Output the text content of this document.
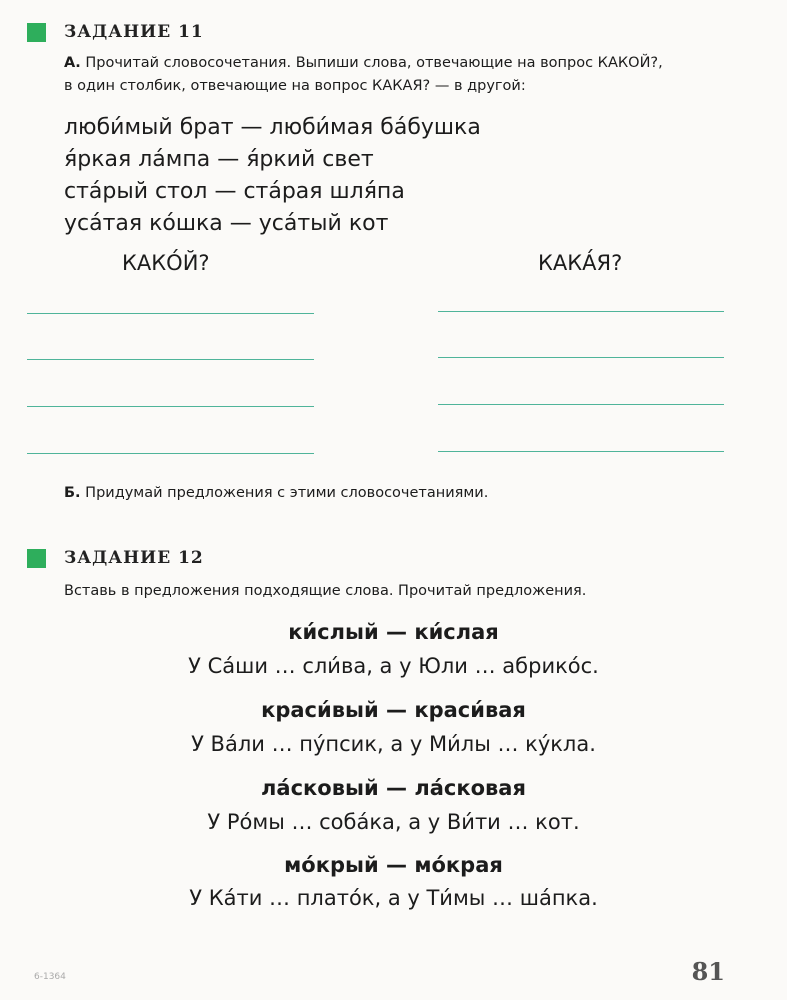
ЗАДАНИЕ 11
А. Прочитай словосочетания. Выпиши слова, отвечающие на вопрос КАКОЙ?,
в один столбик, отвечающие на вопрос КАКАЯ? — в другой:
люби́мый брат — люби́мая ба́бушка
я́ркая ла́мпа — я́ркий свет
ста́рый стол — ста́рая шля́па
уса́тая ко́шка — уса́тый кот
КАКО́Й?	КАКА́Я?
Б. Придумай предложения с этими словосочетаниями.
ЗАДАНИЕ 12
Вставь в предложения подходящие слова. Прочитай предложения.
ки́слый — ки́слая
У Са́ши … сли́ва, а у Юли … абрико́с.
краси́вый — краси́вая
У Ва́ли … пу́псик, а у Ми́лы … ку́кла.
ла́сковый — ла́сковая
У Ро́мы … соба́ка, а у Ви́ти … кот.
мо́крый — мо́края
У Ка́ти … плато́к, а у Ти́мы … ша́пка.
6-1364	81
